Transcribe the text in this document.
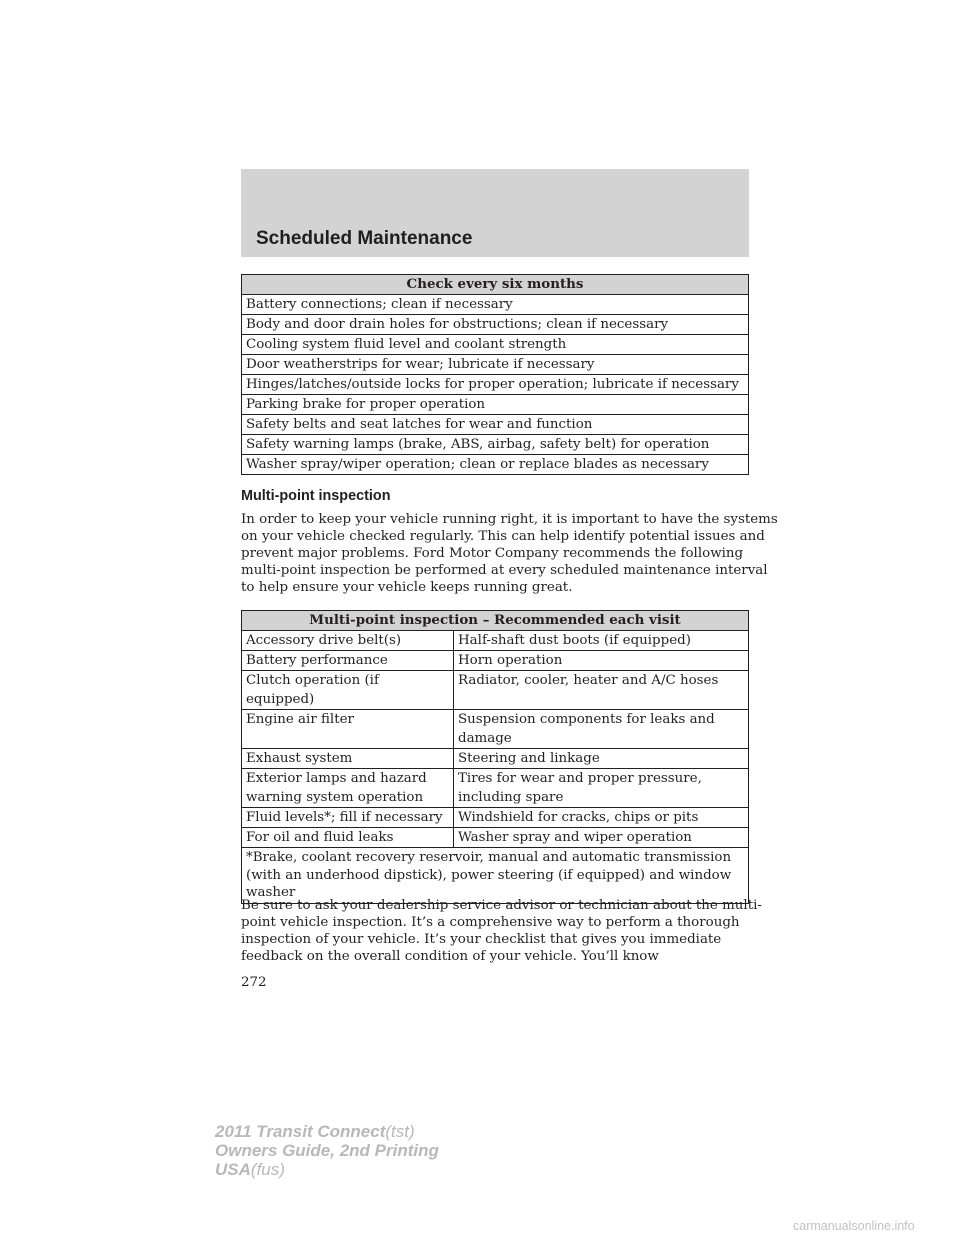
Scheduled Maintenance
Check every six months
Battery connections; clean if necessary
Body and door drain holes for obstructions; clean if necessary
Cooling system fluid level and coolant strength
Door weatherstrips for wear; lubricate if necessary
Hinges/latches/outside locks for proper operation; lubricate if necessary
Parking brake for proper operation
Safety belts and seat latches for wear and function
Safety warning lamps (brake, ABS, airbag, safety belt) for operation
Washer spray/wiper operation; clean or replace blades as necessary
Multi-point inspection
In order to keep your vehicle running right, it is important to have the systems on your vehicle checked regularly. This can help identify potential issues and prevent major problems. Ford Motor Company recommends the following multi-point inspection be performed at every scheduled maintenance interval to help ensure your vehicle keeps running great.
Multi-point inspection – Recommended each visit	
Accessory drive belt(s)	Half-shaft dust boots (if equipped)
Battery performance	Horn operation
Clutch operation (if equipped)	Radiator, cooler, heater and A/C hoses
Engine air filter	Suspension components for leaks and damage
Exhaust system	Steering and linkage
Exterior lamps and hazard warning system operation	Tires for wear and proper pressure, including spare
Fluid levels*; fill if necessary	Windshield for cracks, chips or pits
For oil and fluid leaks	Washer spray and wiper operation
*Brake, coolant recovery reservoir, manual and automatic transmission (with an underhood dipstick), power steering (if equipped) and window washer	
Be sure to ask your dealership service advisor or technician about the multi-point vehicle inspection. It’s a comprehensive way to perform a thorough inspection of your vehicle. It’s your checklist that gives you immediate feedback on the overall condition of your vehicle. You’ll know
272
2011 Transit Connect(tst)
Owners Guide, 2nd Printing
USA(fus)
carmanualsonline.info
